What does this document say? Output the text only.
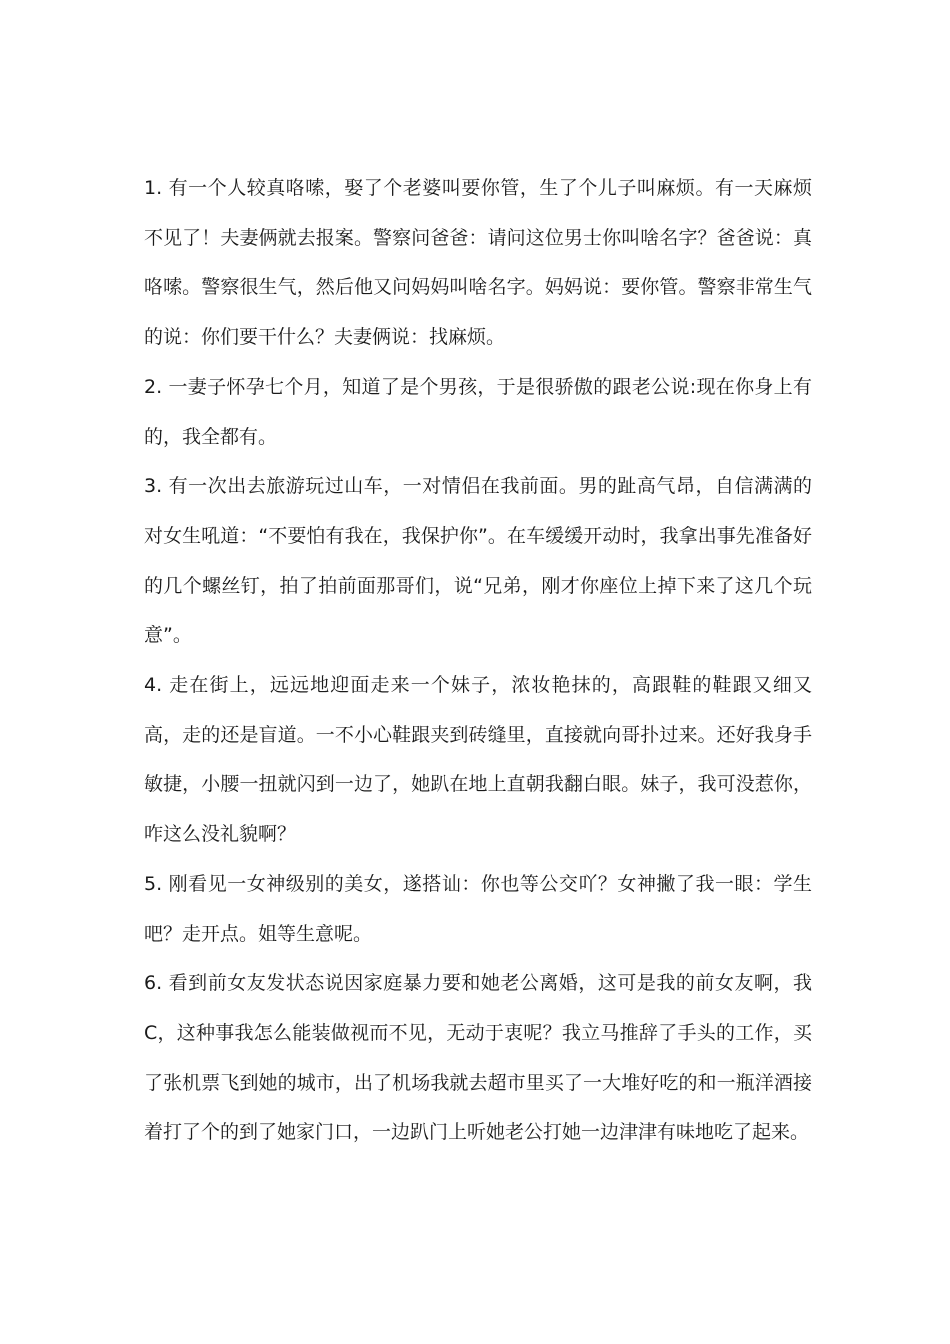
1. 有一个人较真咯嗦，娶了个老婆叫要你管，生了个儿子叫麻烦。有一天麻烦不见了！夫妻俩就去报案。警察问爸爸：请问这位男士你叫啥名字？爸爸说：真咯嗦。警察很生气，然后他又问妈妈叫啥名字。妈妈说：要你管。警察非常生气的说：你们要干什么？夫妻俩说：找麻烦。

2. 一妻子怀孕七个月，知道了是个男孩，于是很骄傲的跟老公说:现在你身上有的，我全都有。

3. 有一次出去旅游玩过山车，一对情侣在我前面。男的趾高气昂，自信满满的对女生吼道：“不要怕有我在，我保护你”。在车缓缓开动时，我拿出事先准备好的几个螺丝钉，拍了拍前面那哥们，说“兄弟，刚才你座位上掉下来了这几个玩意”。

4. 走在街上，远远地迎面走来一个妹子，浓妆艳抹的，高跟鞋的鞋跟又细又高，走的还是盲道。一不小心鞋跟夹到砖缝里，直接就向哥扑过来。还好我身手敏捷，小腰一扭就闪到一边了，她趴在地上直朝我翻白眼。妹子，我可没惹你，咋这么没礼貌啊？

5. 刚看见一女神级别的美女，遂搭讪：你也等公交吖？女神撇了我一眼：学生吧？走开点。姐等生意呢。

6. 看到前女友发状态说因家庭暴力要和她老公离婚，这可是我的前女友啊，我C，这种事我怎么能装做视而不见，无动于衷呢？我立马推辞了手头的工作，买了张机票飞到她的城市，出了机场我就去超市里买了一大堆好吃的和一瓶洋酒接着打了个的到了她家门口，一边趴门上听她老公打她一边津津有味地吃了起来。
